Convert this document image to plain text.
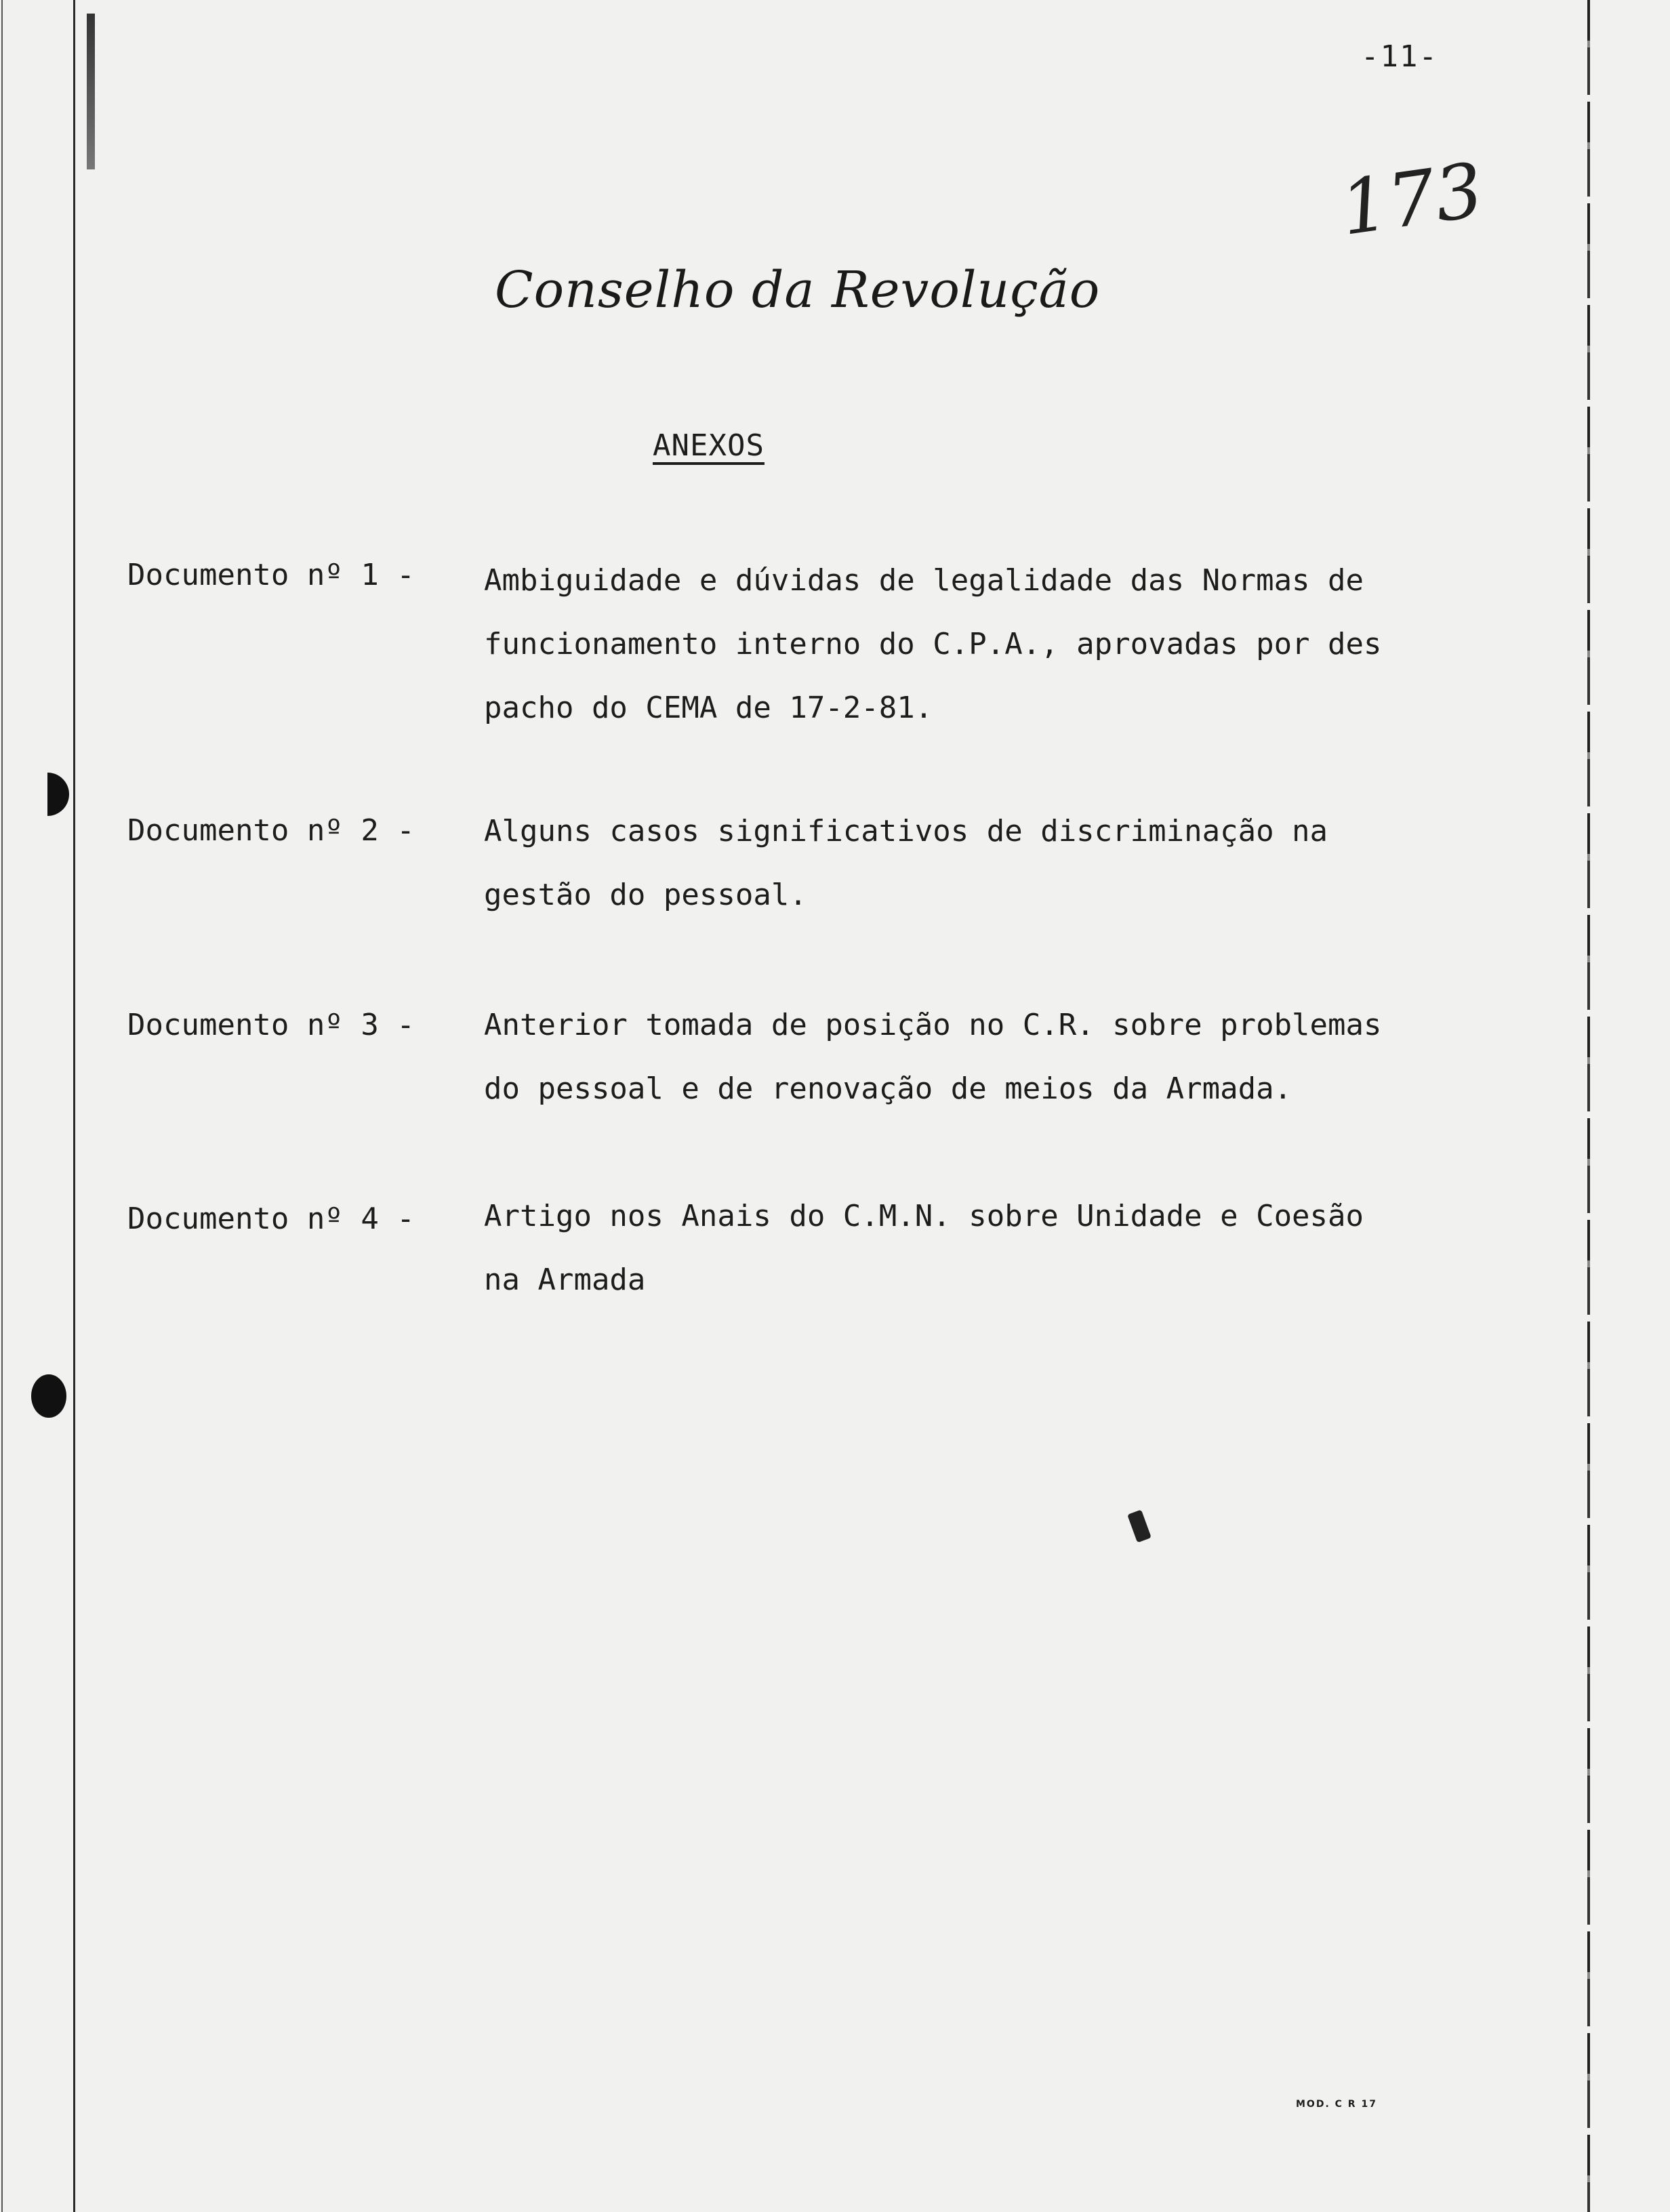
-11-
173
Conselho da Revolução
ANEXOS
Documento nº 1 - Ambiguidade e dúvidas de legalidade das Normas de
funcionamento interno do C.P.A., aprovadas por des
pacho do CEMA de 17-2-81.
Documento nº 2 - Alguns casos significativos de discriminação na
gestão do pessoal.
Documento nº 3 - Anterior tomada de posição no C.R. sobre problemas
do pessoal e de renovação de meios da Armada.
Documento nº 4 - Artigo nos Anais do C.M.N. sobre Unidade e Coesão
na Armada
MOD. C R 17
